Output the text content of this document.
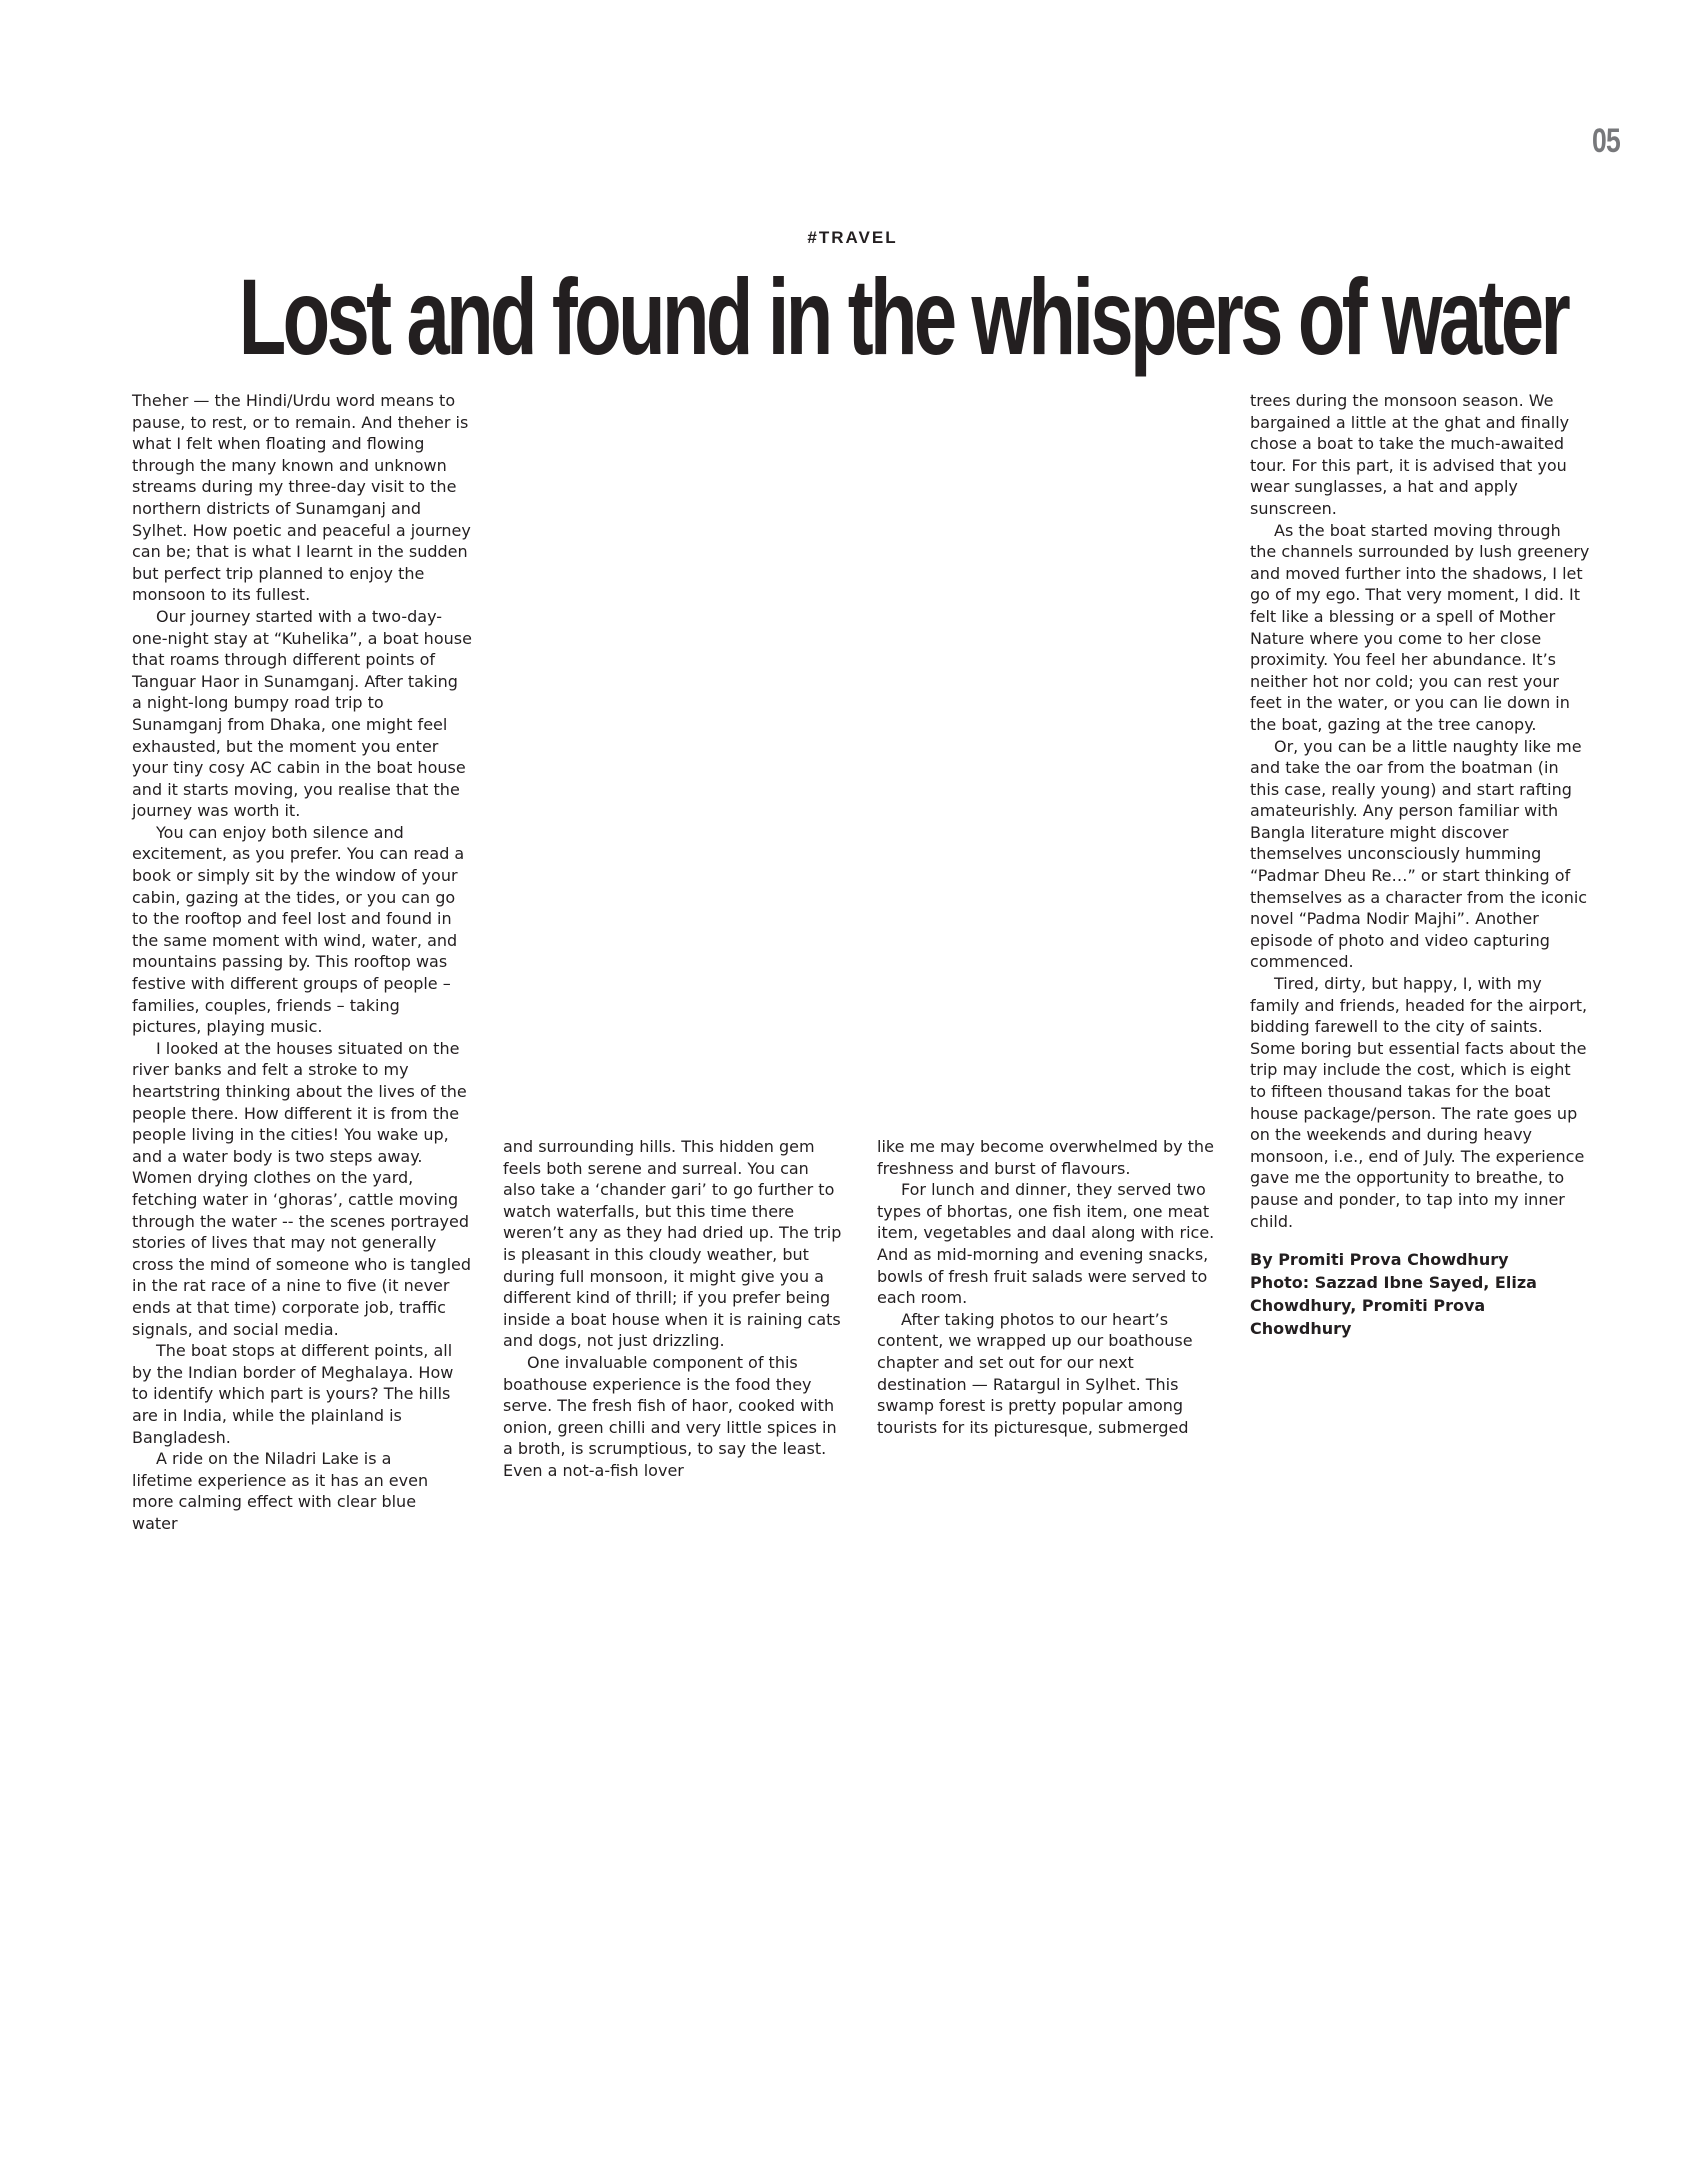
05
#TRAVEL
Lost and found in the whispers of water

Theher — the Hindi/Urdu word means to pause, to rest, or to remain. And theher is what I felt when floating and flowing through the many known and unknown streams during my three-day visit to the northern districts of Sunamganj and Sylhet. How poetic and peaceful a journey can be; that is what I learnt in the sudden but perfect trip planned to enjoy the monsoon to its fullest.

Our journey started with a two-day-one-night stay at “Kuhelika”, a boat house that roams through different points of Tanguar Haor in Sunamganj. After taking a night-long bumpy road trip to Sunamganj from Dhaka, one might feel exhausted, but the moment you enter your tiny cosy AC cabin in the boat house and it starts moving, you realise that the journey was worth it.

You can enjoy both silence and excitement, as you prefer. You can read a book or simply sit by the window of your cabin, gazing at the tides, or you can go to the rooftop and feel lost and found in the same moment with wind, water, and mountains passing by. This rooftop was festive with different groups of people – families, couples, friends – taking pictures, playing music.

I looked at the houses situated on the river banks and felt a stroke to my heartstring thinking about the lives of the people there. How different it is from the people living in the cities! You wake up, and a water body is two steps away. Women drying clothes on the yard, fetching water in ‘ghoras’, cattle moving through the water -- the scenes portrayed stories of lives that may not generally cross the mind of someone who is tangled in the rat race of a nine to five (it never ends at that time) corporate job, traffic signals, and social media.

The boat stops at different points, all by the Indian border of Meghalaya. How to identify which part is yours? The hills are in India, while the plainland is Bangladesh.

A ride on the Niladri Lake is a lifetime experience as it has an even more calming effect with clear blue water

and surrounding hills. This hidden gem feels both serene and surreal. You can also take a ‘chander gari’ to go further to watch waterfalls, but this time there weren’t any as they had dried up. The trip is pleasant in this cloudy weather, but during full monsoon, it might give you a different kind of thrill; if you prefer being inside a boat house when it is raining cats and dogs, not just drizzling.

One invaluable component of this boathouse experience is the food they serve. The fresh fish of haor, cooked with onion, green chilli and very little spices in a broth, is scrumptious, to say the least. Even a not-a-fish lover

like me may become overwhelmed by the freshness and burst of flavours.

For lunch and dinner, they served two types of bhortas, one fish item, one meat item, vegetables and daal along with rice. And as mid-morning and evening snacks, bowls of fresh fruit salads were served to each room.

After taking photos to our heart’s content, we wrapped up our boathouse chapter and set out for our next destination — Ratargul in Sylhet. This swamp forest is pretty popular among tourists for its picturesque, submerged

trees during the monsoon season. We bargained a little at the ghat and finally chose a boat to take the much-awaited tour. For this part, it is advised that you wear sunglasses, a hat and apply sunscreen.

As the boat started moving through the channels surrounded by lush greenery and moved further into the shadows, I let go of my ego. That very moment, I did. It felt like a blessing or a spell of Mother Nature where you come to her close proximity. You feel her abundance. It’s neither hot nor cold; you can rest your feet in the water, or you can lie down in the boat, gazing at the tree canopy.

Or, you can be a little naughty like me and take the oar from the boatman (in this case, really young) and start rafting amateurishly. Any person familiar with Bangla literature might discover themselves unconsciously humming “Padmar Dheu Re…” or start thinking of themselves as a character from the iconic novel “Padma Nodir Majhi”. Another episode of photo and video capturing commenced.

Tired, dirty, but happy, I, with my family and friends, headed for the airport, bidding farewell to the city of saints. Some boring but essential facts about the trip may include the cost, which is eight to fifteen thousand takas for the boat house package/person. The rate goes up on the weekends and during heavy monsoon, i.e., end of July. The experience gave me the opportunity to breathe, to pause and ponder, to tap into my inner child.

By Promiti Prova Chowdhury
Photo: Sazzad Ibne Sayed, Eliza Chowdhury, Promiti Prova Chowdhury
